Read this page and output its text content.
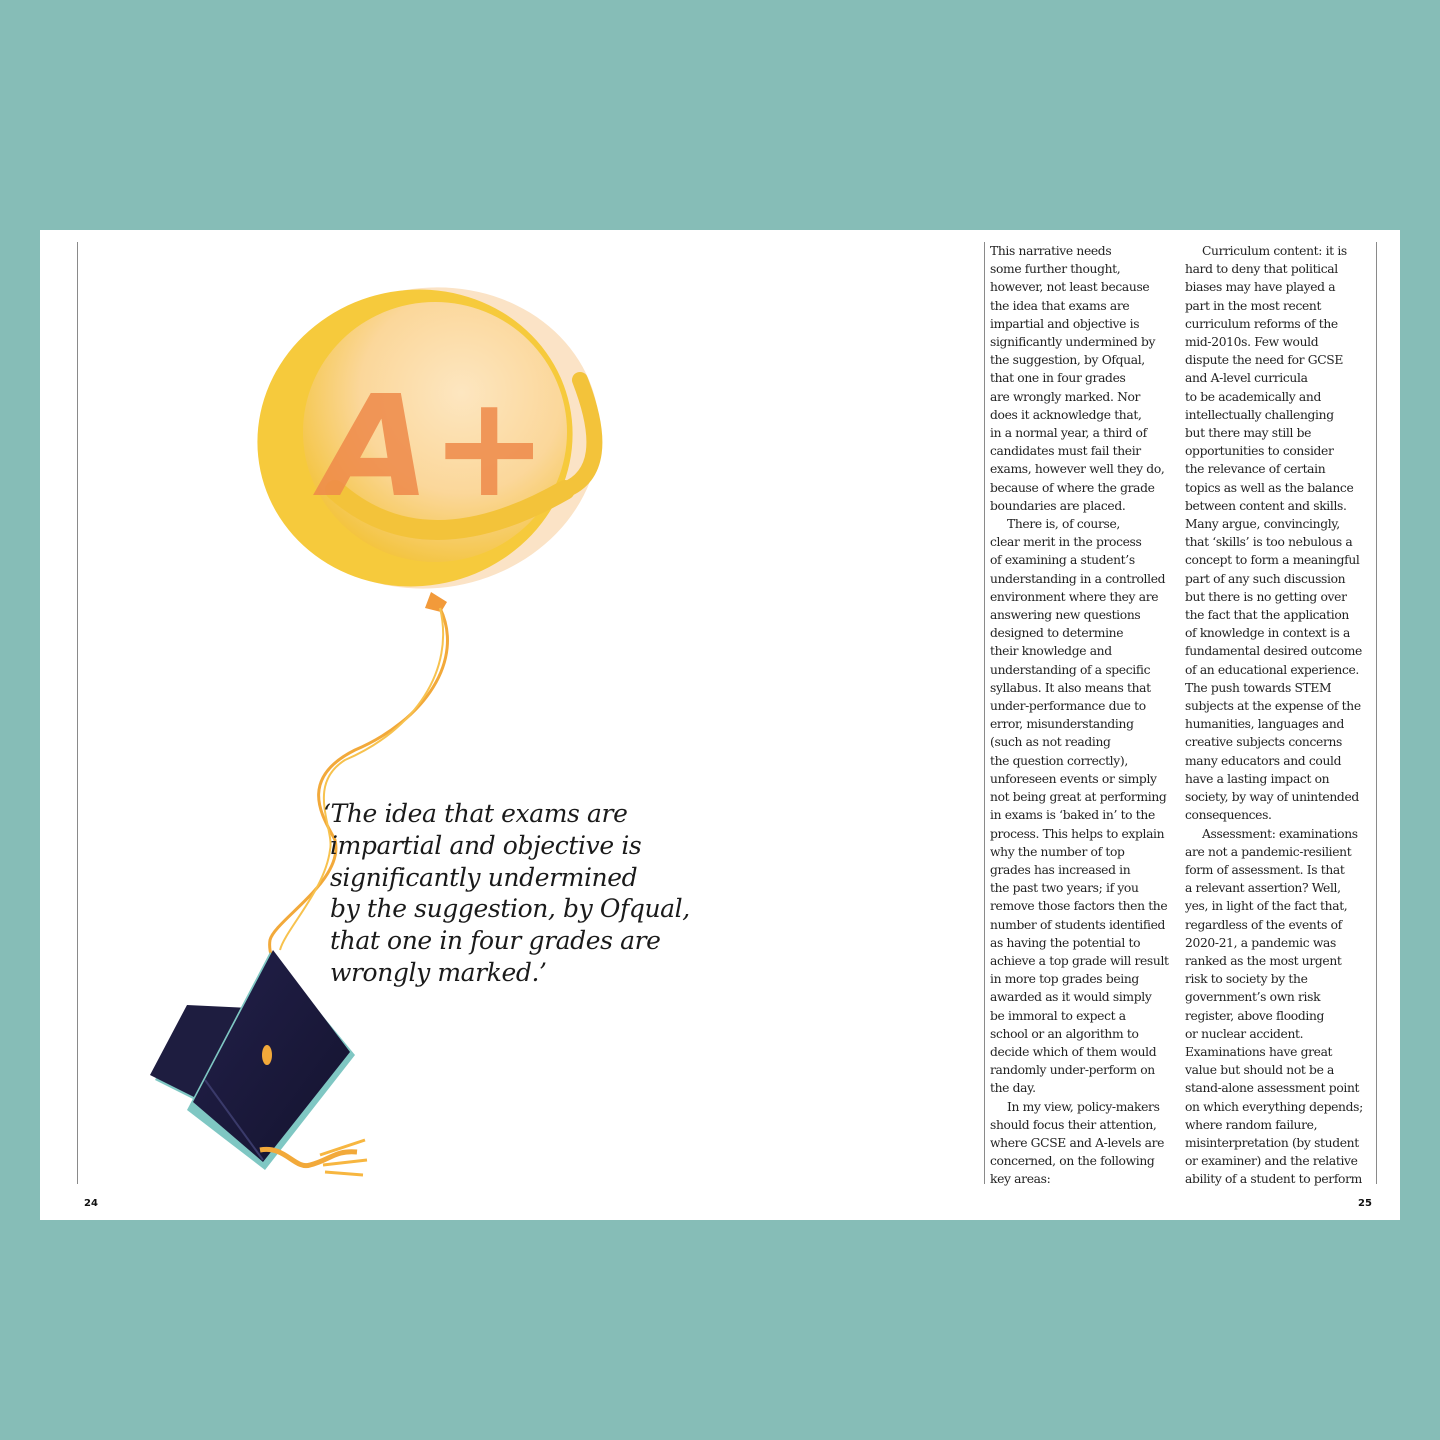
A+
‘The idea that exams are
impartial and objective is
significantly undermined
by the suggestion, by Ofqual,
that one in four grades are
wrongly marked.’
This narrative needs
some further thought,
however, not least because
the idea that exams are
impartial and objective is
significantly undermined by
the suggestion, by Ofqual,
that one in four grades
are wrongly marked. Nor
does it acknowledge that,
in a normal year, a third of
candidates must fail their
exams, however well they do,
because of where the grade
boundaries are placed.
There is, of course,
clear merit in the process
of examining a student’s
understanding in a controlled
environment where they are
answering new questions
designed to determine
their knowledge and
understanding of a specific
syllabus. It also means that
under-performance due to
error, misunderstanding
(such as not reading
the question correctly),
unforeseen events or simply
not being great at performing
in exams is ‘baked in’ to the
process. This helps to explain
why the number of top
grades has increased in
the past two years; if you
remove those factors then the
number of students identified
as having the potential to
achieve a top grade will result
in more top grades being
awarded as it would simply
be immoral to expect a
school or an algorithm to
decide which of them would
randomly under-perform on
the day.
In my view, policy-makers
should focus their attention,
where GCSE and A-levels are
concerned, on the following
key areas:
Curriculum content: it is
hard to deny that political
biases may have played a
part in the most recent
curriculum reforms of the
mid-2010s. Few would
dispute the need for GCSE
and A-level curricula
to be academically and
intellectually challenging
but there may still be
opportunities to consider
the relevance of certain
topics as well as the balance
between content and skills.
Many argue, convincingly,
that ‘skills’ is too nebulous a
concept to form a meaningful
part of any such discussion
but there is no getting over
the fact that the application
of knowledge in context is a
fundamental desired outcome
of an educational experience.
The push towards STEM
subjects at the expense of the
humanities, languages and
creative subjects concerns
many educators and could
have a lasting impact on
society, by way of unintended
consequences.
Assessment: examinations
are not a pandemic-resilient
form of assessment. Is that
a relevant assertion? Well,
yes, in light of the fact that,
regardless of the events of
2020-21, a pandemic was
ranked as the most urgent
risk to society by the
government’s own risk
register, above flooding
or nuclear accident.
Examinations have great
value but should not be a
stand-alone assessment point
on which everything depends;
where random failure,
misinterpretation (by student
or examiner) and the relative
ability of a student to perform
24	25
